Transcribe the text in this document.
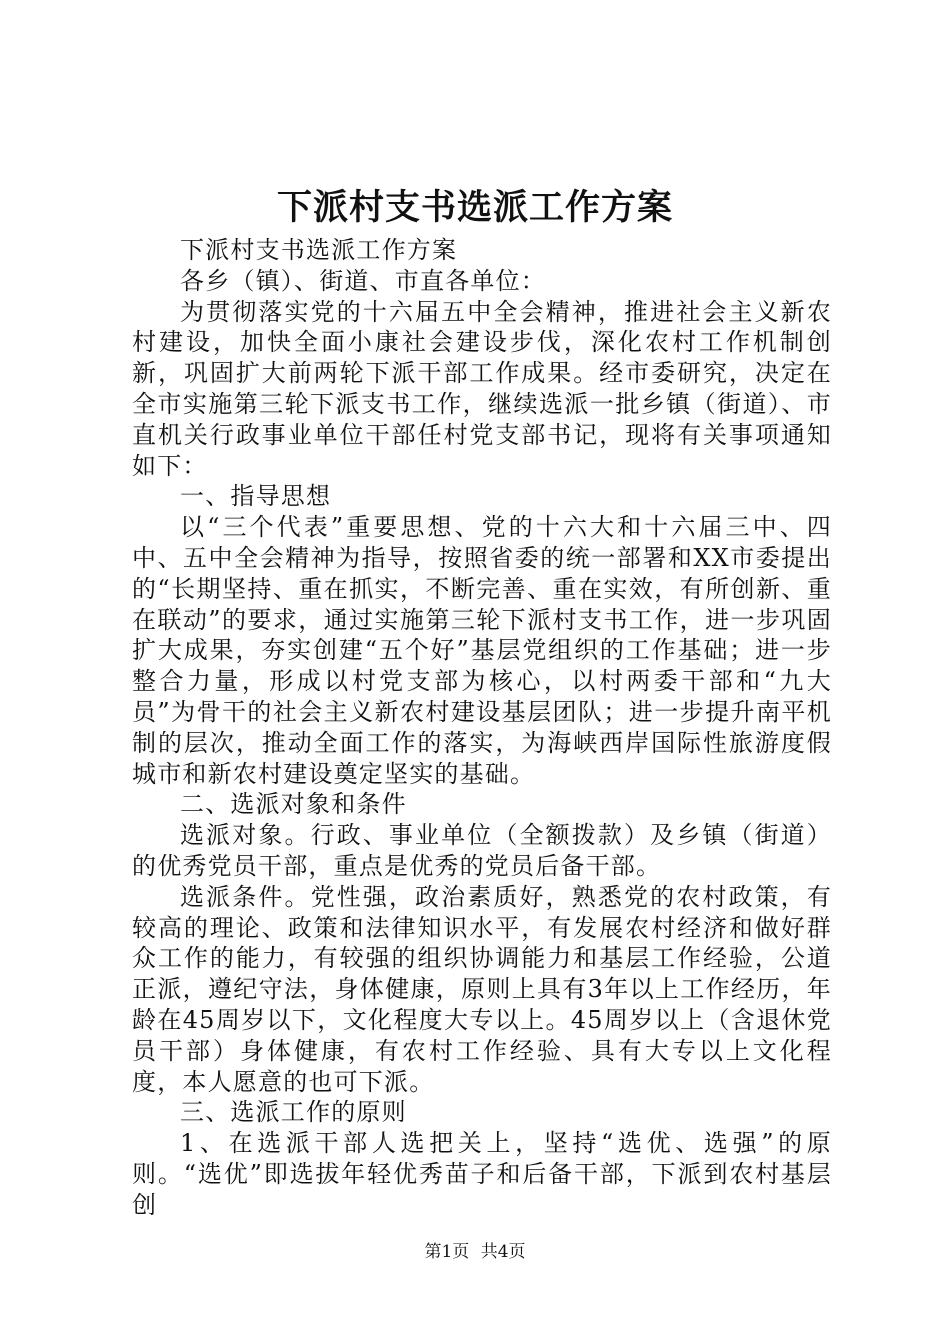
下派村支书选派工作方案

下派村支书选派工作方案

各乡（镇）、街道、市直各单位：

为贯彻落实党的十六届五中全会精神，推进社会主义新农村建设，加快全面小康社会建设步伐，深化农村工作机制创新，巩固扩大前两轮下派干部工作成果。经市委研究，决定在全市实施第三轮下派支书工作，继续选派一批乡镇（街道）、市直机关行政事业单位干部任村党支部书记，现将有关事项通知如下：

一、指导思想

以“三个代表”重要思想、党的十六大和十六届三中、四中、五中全会精神为指导，按照省委的统一部署和XX市委提出的“长期坚持、重在抓实，不断完善、重在实效，有所创新、重在联动”的要求，通过实施第三轮下派村支书工作，进一步巩固扩大成果，夯实创建“五个好”基层党组织的工作基础；进一步整合力量，形成以村党支部为核心，以村两委干部和“九大员”为骨干的社会主义新农村建设基层团队；进一步提升南平机制的层次，推动全面工作的落实，为海峡西岸国际性旅游度假城市和新农村建设奠定坚实的基础。

二、选派对象和条件

选派对象。行政、事业单位（全额拨款）及乡镇（街道）的优秀党员干部，重点是优秀的党员后备干部。

选派条件。党性强，政治素质好，熟悉党的农村政策，有较高的理论、政策和法律知识水平，有发展农村经济和做好群众工作的能力，有较强的组织协调能力和基层工作经验，公道正派，遵纪守法，身体健康，原则上具有3年以上工作经历，年龄在45周岁以下，文化程度大专以上。45周岁以上（含退休党员干部）身体健康，有农村工作经验、具有大专以上文化程度，本人愿意的也可下派。

三、选派工作的原则

1、在选派干部人选把关上，坚持“选优、选强”的原则。“选优”即选拔年轻优秀苗子和后备干部，下派到农村基层创

第1页 共4页
